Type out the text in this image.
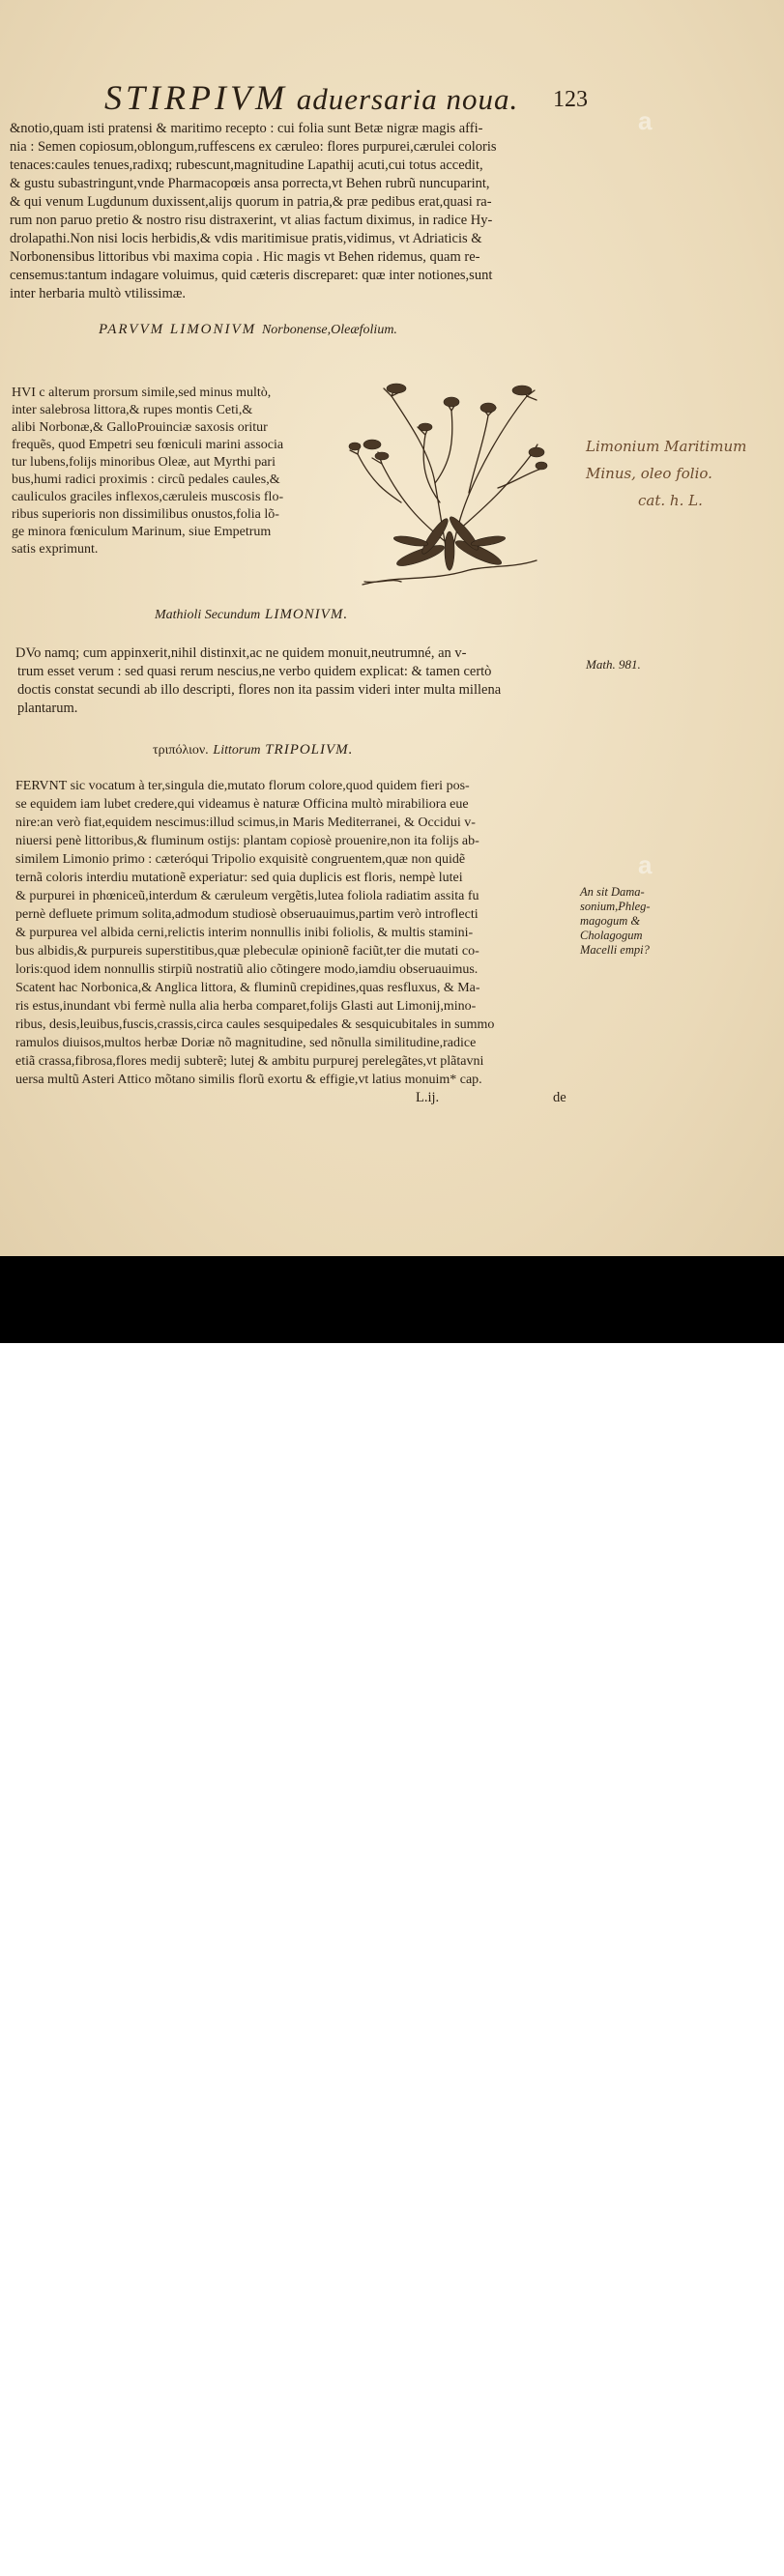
STIRPIVM aduersaria noua. 123
&notio,quam isti pratensi & maritimo recepto : cui folia sunt Betæ nigræ magis affi-
nia : Semen copiosum,oblongum,ruffescens ex cæruleo: flores purpurei,cærulei coloris
tenaces:caules tenues,radixq; rubescunt,magnitudine Lapathij acuti,cui totus accedit,
& gustu subastringunt,vnde Pharmacopœis ansa porrecta,vt Behen rubrũ nuncuparint,
& qui venum Lugdunum duxissent,alijs quorum in patria,& præ pedibus erat,quasi ra-
rum non paruo pretio & nostro risu distraxerint, vt alias factum diximus, in radice Hy-
drolapathi.Non nisi locis herbidis,& vdis maritimisue pratis,vidimus, vt Adriaticis &
Norbonensibus littoribus vbi maxima copia . Hic magis vt Behen ridemus, quam re-
censemus:tantum indagare voluimus, quid cæteris discreparet: quæ inter notiones,sunt
inter herbaria multò vtilissimæ.
PARVVM LIMONIVM Norbonense,Oleæfolium.
HVI c alterum prorsum simile,sed minus multò,
inter salebrosa littora,& rupes montis Ceti,&
alibi Norbonæ,& GalloProuinciæ saxosis oritur
frequẽs, quod Empetri seu fœniculi marini associa
tur lubens,folijs minoribus Oleæ, aut Myrthi pari
bus,humi radici proximis : circũ pedales caules,&
cauliculos graciles inflexos,cæruleis muscosis flo-
ribus superioris non dissimilibus onustos,folia lõ-
ge minora fœniculum Marinum, siue Empetrum
satis exprimunt.
Limonium Maritimum
Minus, oleo folio.
cat. h. L.
Mathioli Secundum LIMONIVM.
DVo namq; cum appinxerit,nihil distinxit,ac ne quidem monuit,neutrumné, an v-
trum esset verum : sed quasi rerum nescius,ne verbo quidem explicat: & tamen certò
doctis constat secundi ab illo descripti, flores non ita passim videri inter multa millena
plantarum.
Math. 981.
τριπόλιον. Littorum TRIPOLIVM.
FERVNT sic vocatum à ter,singula die,mutato florum colore,quod quidem fieri pos-
se equidem iam lubet credere,qui videamus è naturæ Officina multò mirabiliora eue
nire:an verò fiat,equidem nescimus:illud scimus,in Maris Mediterranei, & Occidui v-
niuersi penè littoribus,& fluminum ostijs: plantam copiosè prouenire,non ita folijs ab-
similem Limonio primo : cæteróqui Tripolio exquisitè congruentem,quæ non quidẽ
ternã coloris interdiu mutationẽ experiatur: sed quia duplicis est floris, nempè lutei
& purpurei in phœniceũ,interdum & cæruleum vergẽtis,lutea foliola radiatim assita fu
pernè defluete primum solita,admodum studiosè obseruauimus,partim verò introflecti
& purpurea vel albida cerni,relictis interim nonnullis inibi foliolis, & multis stamini-
bus albidis,& purpureis superstitibus,quæ plebeculæ opinionẽ faciũt,ter die mutati co-
loris:quod idem nonnullis stirpiũ nostratiũ alio cõtingere modo,iamdiu obseruauimus.
Scatent hac Norbonica,& Anglica littora, & fluminũ crepidines,quas resfluxus, & Ma-
ris estus,inundant vbi fermè nulla alia herba comparet,folijs Glasti aut Limonij,mino-
ribus, desis,leuibus,fuscis,crassis,circa caules sesquipedales & sesquicubitales in summo
ramulos diuisos,multos herbæ Doriæ nõ magnitudine, sed nõnulla similitudine,radice
etiã crassa,fibrosa,flores medij subterẽ; lutej & ambitu purpurej perelegãtes,vt plãtavni
uersa multũ Asteri Attico mõtano similis florũ exortu & effigie,vt latius monuim* cap.
An sit Dama-
sonium,Phleg-
magogum &
Cholagogum
Macelli empi?
L.ij.	de
a
a
alamy	H386FX
www.alamy.com
